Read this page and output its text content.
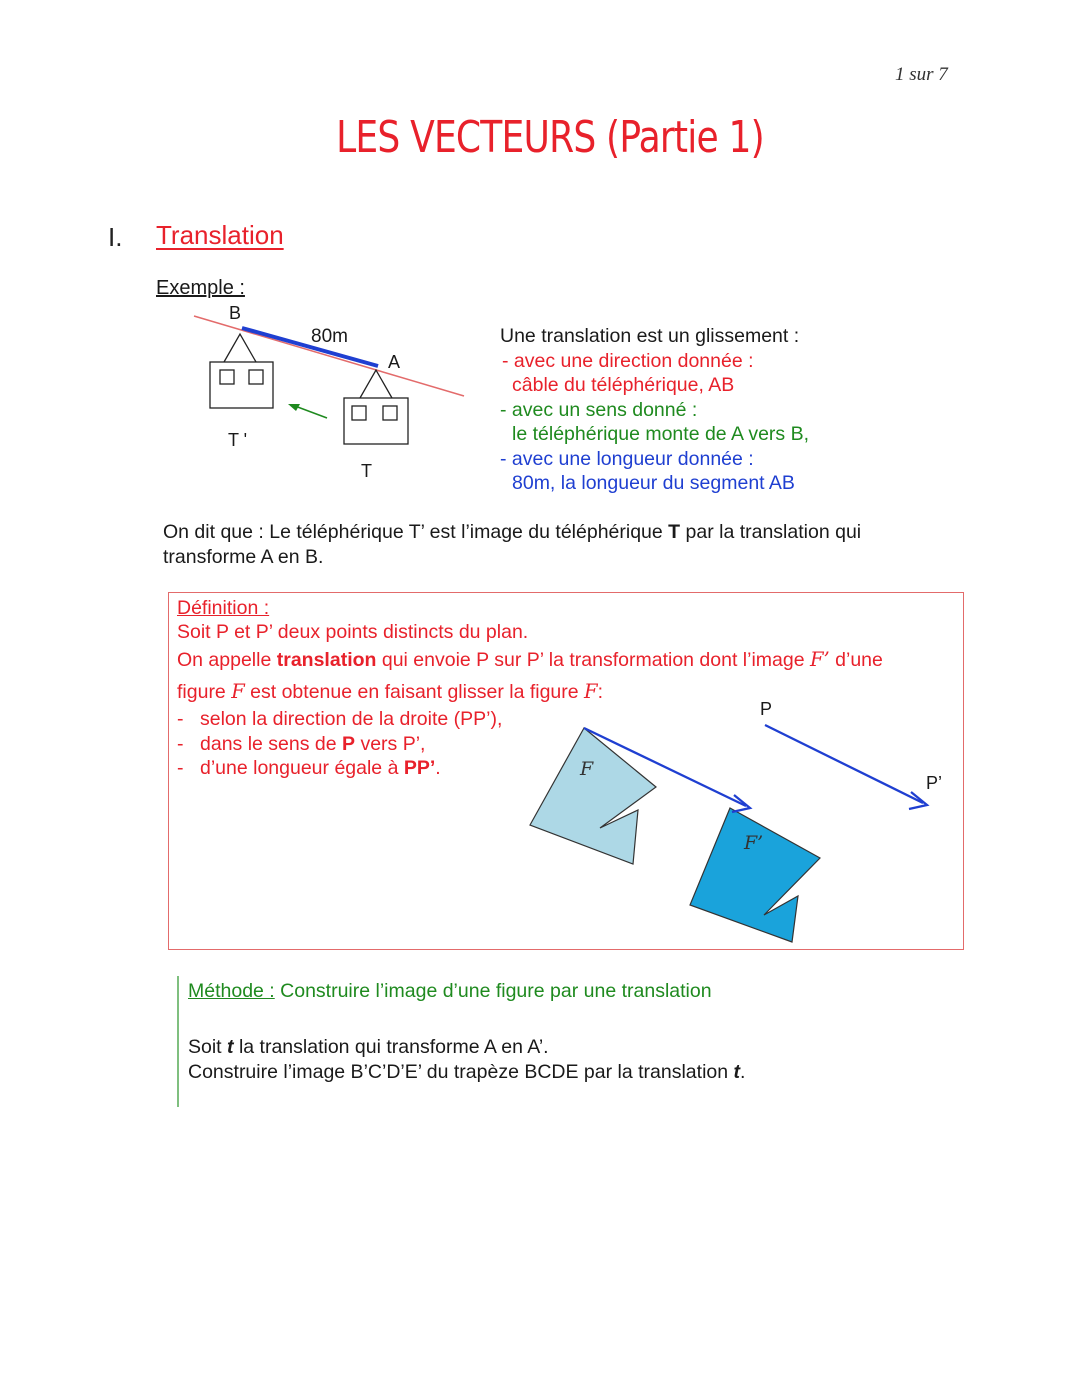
1 sur 7
LES VECTEURS (Partie 1)
I. Translation
Exemple :
B
A
80m
T '
T
Une translation est un glissement :
- avec une direction donnée :
câble du téléphérique, AB
- avec un sens donné :
le téléphérique monte de A vers B,
- avec une longueur donnée :
80m, la longueur du segment AB
On dit que : Le téléphérique T’ est l’image du téléphérique T par la translation qui
transforme A en B.
Définition :
Soit P et P’ deux points distincts du plan.
On appelle translation qui envoie P sur P’ la transformation dont l’image F’ d’une
figure F est obtenue en faisant glisser la figure F:
- selon la direction de la droite (PP’),
- dans le sens de P vers P’,
- d’une longueur égale à PP’.	F
F’
P
P’
Méthode : Construire l’image d’une figure par une translation
Soit t la translation qui transforme A en A’.
Construire l’image B’C’D’E’ du trapèze BCDE par la translation t.
